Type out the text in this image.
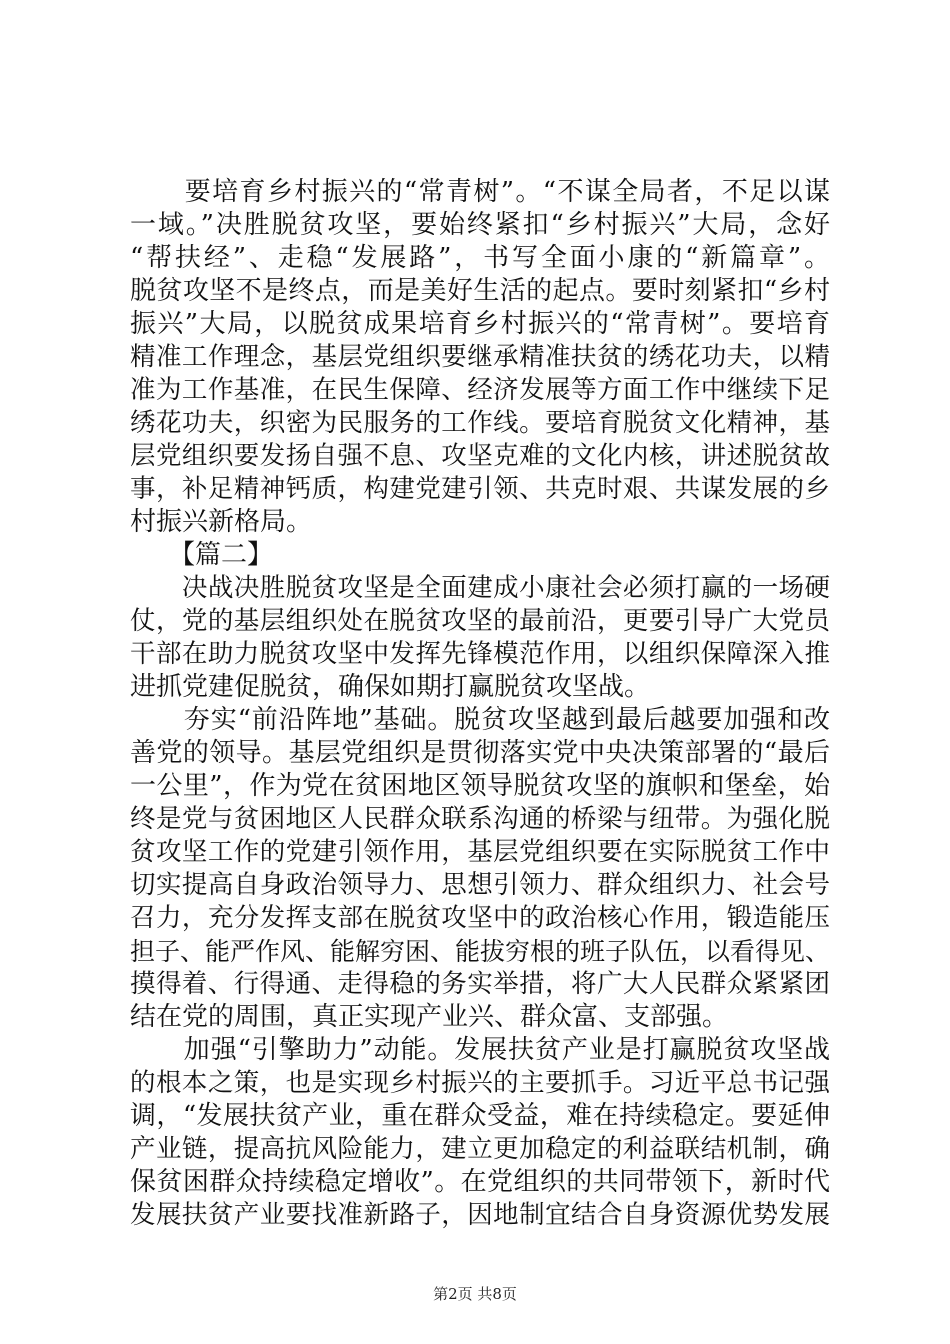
　　要培育乡村振兴的“常青树”。“不谋全局者，不足以谋
一域。”决胜脱贫攻坚，要始终紧扣“乡村振兴”大局，念好
“帮扶经”、走稳“发展路”，书写全面小康的“新篇章”。
脱贫攻坚不是终点，而是美好生活的起点。要时刻紧扣“乡村
振兴”大局，以脱贫成果培育乡村振兴的“常青树”。要培育
精准工作理念，基层党组织要继承精准扶贫的绣花功夫，以精
准为工作基准，在民生保障、经济发展等方面工作中继续下足
绣花功夫，织密为民服务的工作线。要培育脱贫文化精神，基
层党组织要发扬自强不息、攻坚克难的文化内核，讲述脱贫故
事，补足精神钙质，构建党建引领、共克时艰、共谋发展的乡
村振兴新格局。
　　【篇二】
　　决战决胜脱贫攻坚是全面建成小康社会必须打赢的一场硬
仗，党的基层组织处在脱贫攻坚的最前沿，更要引导广大党员
干部在助力脱贫攻坚中发挥先锋模范作用，以组织保障深入推
进抓党建促脱贫，确保如期打赢脱贫攻坚战。
　　夯实“前沿阵地”基础。脱贫攻坚越到最后越要加强和改
善党的领导。基层党组织是贯彻落实党中央决策部署的“最后
一公里”，作为党在贫困地区领导脱贫攻坚的旗帜和堡垒，始
终是党与贫困地区人民群众联系沟通的桥梁与纽带。为强化脱
贫攻坚工作的党建引领作用，基层党组织要在实际脱贫工作中
切实提高自身政治领导力、思想引领力、群众组织力、社会号
召力，充分发挥支部在脱贫攻坚中的政治核心作用，锻造能压
担子、能严作风、能解穷困、能拔穷根的班子队伍，以看得见、
摸得着、行得通、走得稳的务实举措，将广大人民群众紧紧团
结在党的周围，真正实现产业兴、群众富、支部强。
　　加强“引擎助力”动能。发展扶贫产业是打赢脱贫攻坚战
的根本之策，也是实现乡村振兴的主要抓手。习近平总书记强
调，“发展扶贫产业，重在群众受益，难在持续稳定。要延伸
产业链，提高抗风险能力，建立更加稳定的利益联结机制，确
保贫困群众持续稳定增收”。在党组织的共同带领下，新时代
发展扶贫产业要找准新路子，因地制宜结合自身资源优势发展
第2页 共8页
